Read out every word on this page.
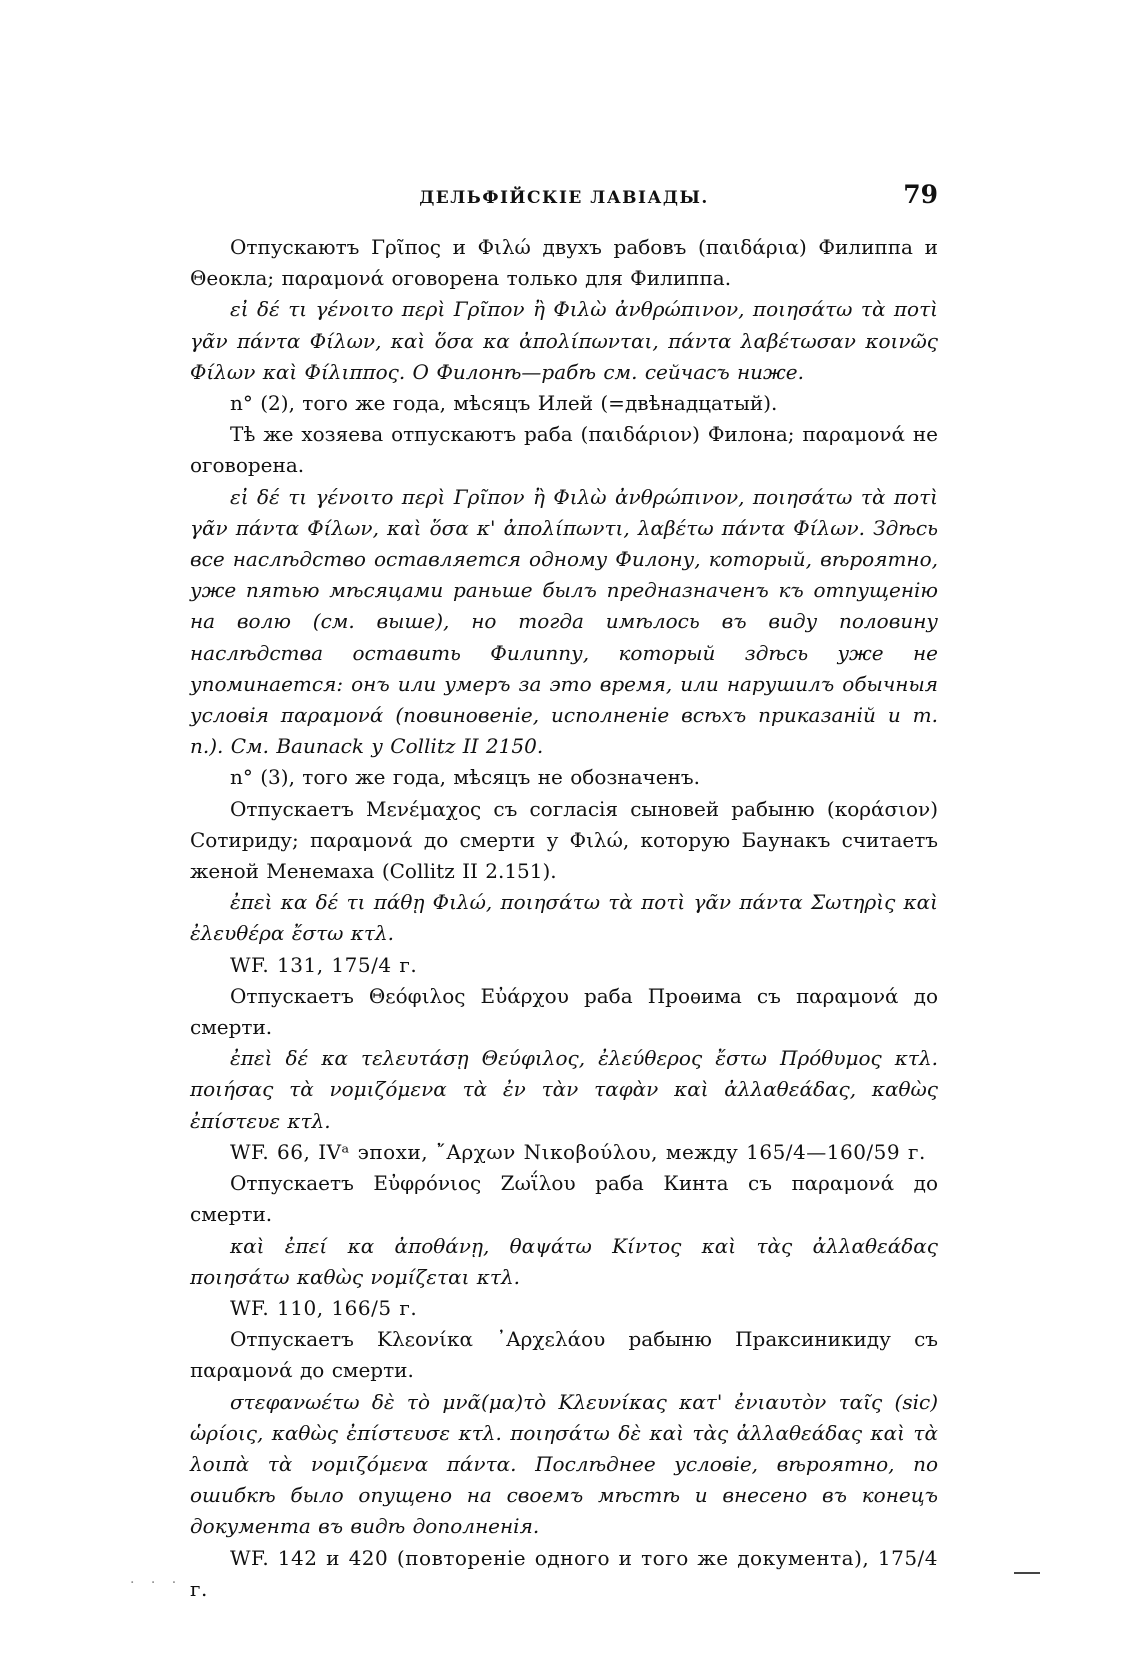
ДЕЛЬФІЙСКІЕ ЛАВІАДЫ.	79

Отпускаютъ Γρῖπος и Φιλώ двухъ рабовъ (παιδάρια) Филиппа и Θеокла; παραμονά оговорена только для Филиппа.

εἰ δέ τι γένοιτο περὶ Γρῖπον ἢ Φιλὼ ἀνθρώπινον, ποιησάτω τὰ ποτὶ γᾶν πάντα Φίλων, καὶ ὅσα κα ἀπολίπωνται, πάντα λαβέτωσαν κοινῶς Φίλων καὶ Φίλιππος. О Филонѣ—рабѣ см. сейчасъ ниже.

n° (2), того же года, мѣсяцъ Илей (=двѣнадцатый).

Тѣ же хозяева отпускаютъ раба (παιδάριον) Филона; παραμονά не оговорена.

εἰ δέ τι γένοιτο περὶ Γρῖπον ἢ Φιλὼ ἀνθρώπινον, ποιησάτω τὰ ποτὶ γᾶν πάντα Φίλων, καὶ ὅσα κ' ἀπολίπωντι, λαβέτω πάντα Φίλων. Здѣсь все наслѣдство оставляется одному Филону, который, вѣроятно, уже пятью мѣсяцами раньше былъ предназначенъ къ отпущенію на волю (см. выше), но тогда имѣлось въ виду половину наслѣдства оставить Филиппу, который здѣсь уже не упоминается: онъ или умеръ за это время, или нарушилъ обычныя условія παραμονά (повиновеніе, исполненіе всѣхъ приказаній и т. п.). См. Baunack у Collitz II 2150.

n° (3), того же года, мѣсяцъ не обозначенъ.

Отпускаетъ Μενέμαχος съ согласія сыновей рабыню (κοράσιον) Сотириду; παραμονά до смерти у Φιλώ, которую Баунакъ считаетъ женой Менемаха (Collitz II 2.151).

ἐπεὶ κα δέ τι πάθῃ Φιλώ, ποιησάτω τὰ ποτὶ γᾶν πάντα Σωτηρὶς καὶ ἐλευθέρα ἔστω κτλ.

WF. 131, 175/4 г.

Отпускаетъ Θεόφιλος Εὐάρχου раба Проѳима съ παραμονά до смерти.

ἐπεὶ δέ κα τελευτάσῃ Θεύφιλος, ἐλεύθερος ἔστω Πρόθυμος κτλ. ποιήσας τὰ νομιζόμενα τὰ ἐν τὰν ταφὰν καὶ ἀλλαθεάδας, καθὼς ἐπίστευε κτλ.

WF. 66, IVᵃ эпохи, ῎Αρχων Νικοβούλου, между 165/4—160/59 г.

Отпускаетъ Εὐφρόνιος Ζωΐλου раба Кинта съ παραμονά до смерти.

καὶ ἐπεί κα ἀποθάνῃ, θαψάτω Κίντος καὶ τὰς ἀλλαθεάδας ποιησάτω καθὼς νομίζεται κτλ.

WF. 110, 166/5 г.

Отпускаетъ Κλεονίκα ᾿Αρχελάου рабыню Праксиникиду съ παραμονά до смерти.

στεφανωέτω δὲ τὸ μνᾶ(μα)τὸ Κλευνίκας κατ' ἐνιαυτὸν ταῖς (sic) ὡρίοις, καθὼς ἐπίστευσε κτλ. ποιησάτω δὲ καὶ τὰς ἀλλαθεάδας καὶ τὰ λοιπὰ τὰ νομιζόμενα πάντα. Послѣднее условіе, вѣроятно, по ошибкѣ было опущено на своемъ мѣстѣ и внесено въ конецъ документа въ видѣ дополненія.

WF. 142 и 420 (повтореніе одного и того же документа), 175/4 г.

· · ·
